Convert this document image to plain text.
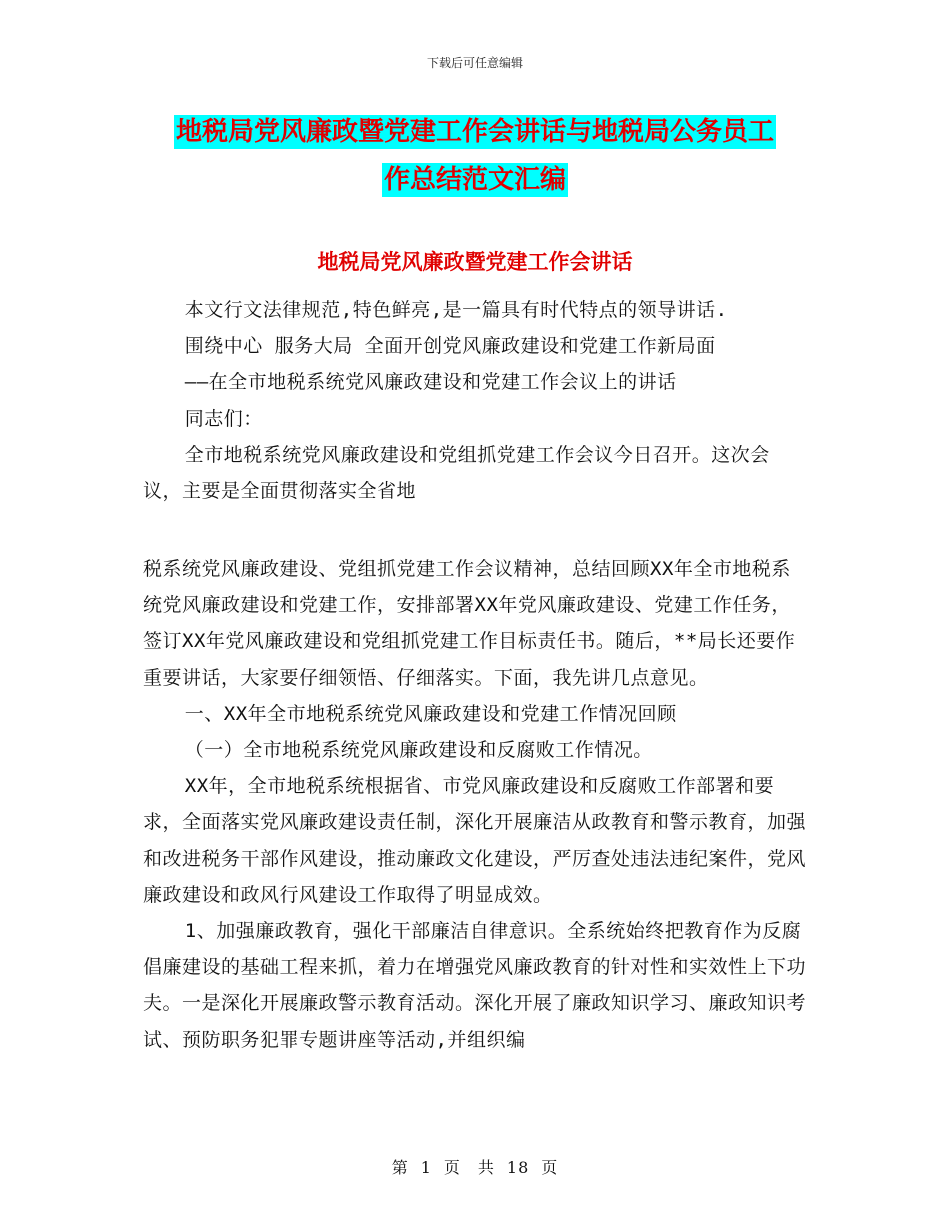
下载后可任意编辑
地税局党风廉政暨党建工作会讲话与地税局公务员工
作总结范文汇编
地税局党风廉政暨党建工作会讲话

本文行文法律规范,特色鲜亮,是一篇具有时代特点的领导讲话.

围绕中心 服务大局 全面开创党风廉政建设和党建工作新局面

——在全市地税系统党风廉政建设和党建工作会议上的讲话

同志们：

全市地税系统党风廉政建设和党组抓党建工作会议今日召开。这次会议，主要是全面贯彻落实全省地

税系统党风廉政建设、党组抓党建工作会议精神，总结回顾XX年全市地税系统党风廉政建设和党建工作，安排部署XX年党风廉政建设、党建工作任务，签订XX年党风廉政建设和党组抓党建工作目标责任书。随后，**局长还要作重要讲话，大家要仔细领悟、仔细落实。下面，我先讲几点意见。

一、XX年全市地税系统党风廉政建设和党建工作情况回顾

（一）全市地税系统党风廉政建设和反腐败工作情况。

XX年，全市地税系统根据省、市党风廉政建设和反腐败工作部署和要求，全面落实党风廉政建设责任制，深化开展廉洁从政教育和警示教育，加强和改进税务干部作风建设，推动廉政文化建设，严厉查处违法违纪案件，党风廉政建设和政风行风建设工作取得了明显成效。

1、加强廉政教育，强化干部廉洁自律意识。全系统始终把教育作为反腐倡廉建设的基础工程来抓，着力在增强党风廉政教育的针对性和实效性上下功夫。一是深化开展廉政警示教育活动。深化开展了廉政知识学习、廉政知识考试、预防职务犯罪专题讲座等活动,并组织编

第 1 页　共 18 页
